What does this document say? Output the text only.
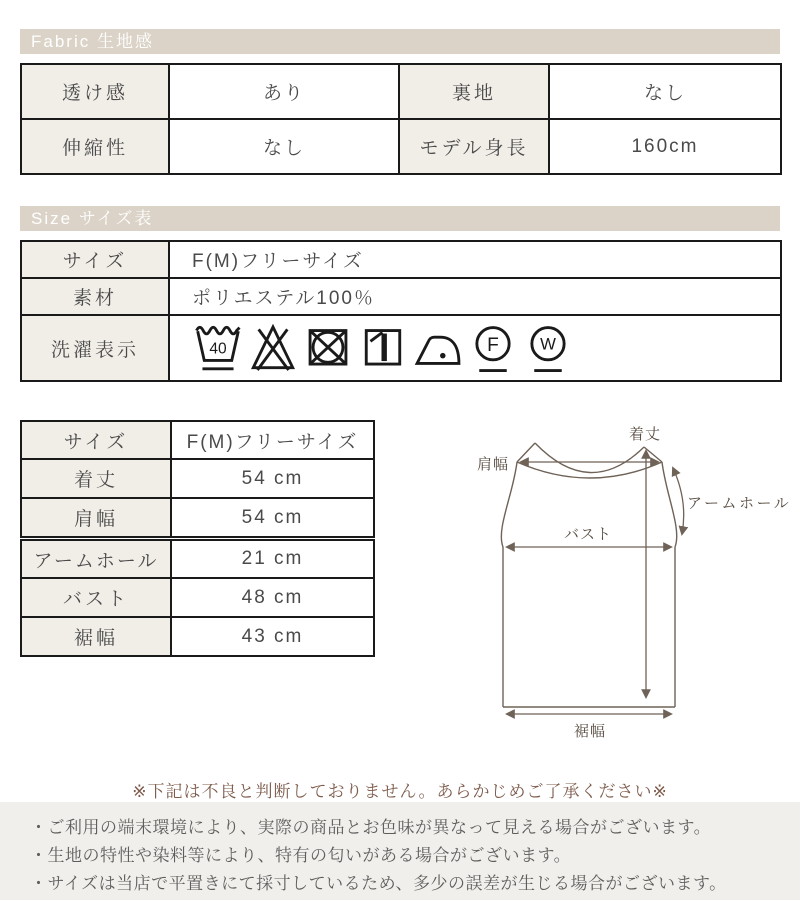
Fabric 生地感
透け感	あり	裏地	なし
伸縮性	なし	モデル身長	160cm
Size サイズ表
サイズ	F(M)フリーサイズ
素材	ポリエステル100％
洗濯表示	40 F W
サイズ	F(M)フリーサイズ
着丈	54 cm
肩幅	54 cm
アームホール	21 cm
バスト	48 cm
裾幅	43 cm
着丈
肩幅
アームホール
バスト
裾幅
※下記は不良と判断しておりません。あらかじめご了承ください※
・ご利用の端末環境により、実際の商品とお色味が異なって見える場合がございます。
・生地の特性や染料等により、特有の匂いがある場合がございます。
・サイズは当店で平置きにて採寸しているため、多少の誤差が生じる場合がございます。
